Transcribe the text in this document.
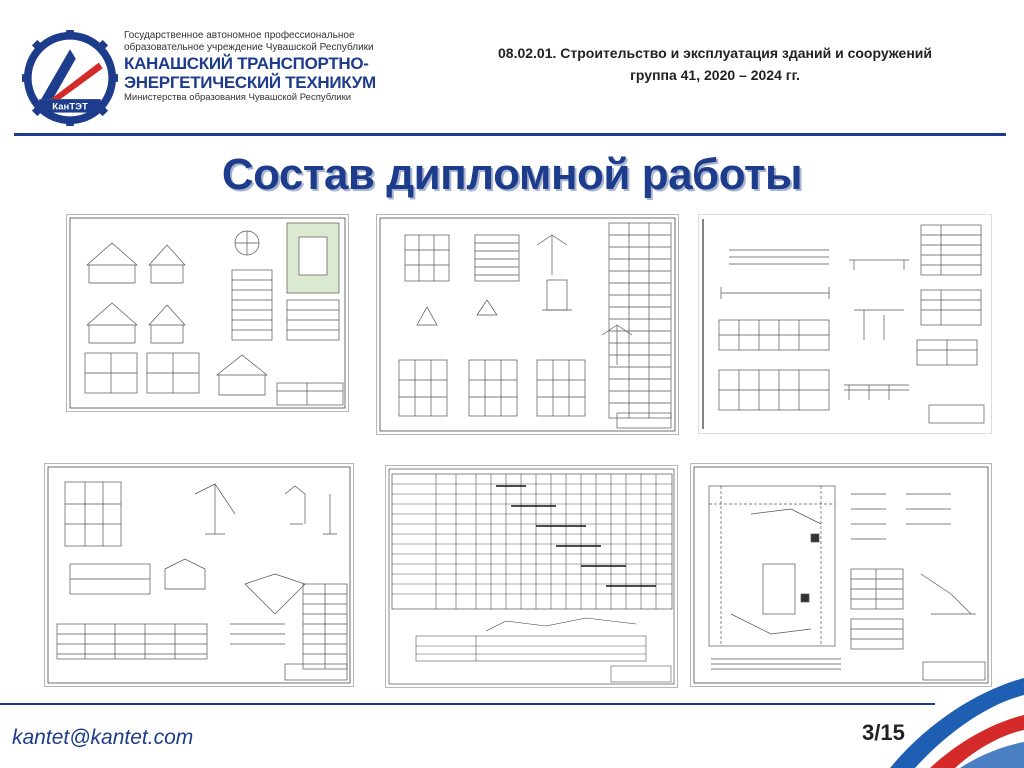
КанТЭТ
Государственное автономное профессиональное
образовательное учреждение Чувашской Республики
КАНАШСКИЙ ТРАНСПОРТНО-
ЭНЕРГЕТИЧЕСКИЙ ТЕХНИКУМ
Министерства образования Чувашской Республики
08.02.01. Строительство и эксплуатация зданий и сооружений
группа 41, 2020 – 2024 гг.
Состав дипломной работы
kantet@kantet.com	3/15
